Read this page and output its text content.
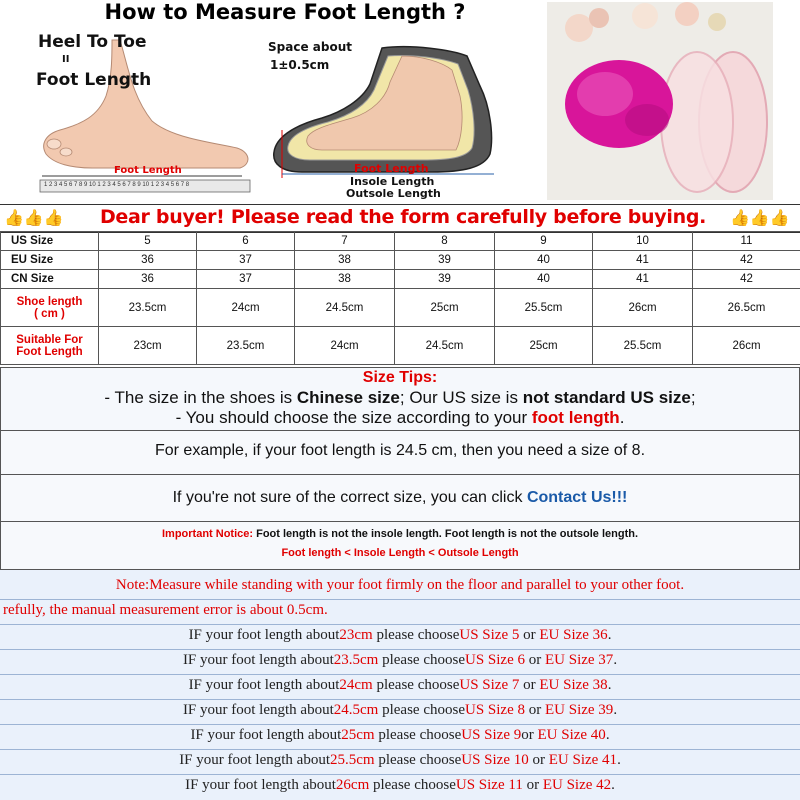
How to Measure Foot Length ?
Heel To Toe
II
Foot Length
Foot Length
1 2 3 4 5 6 7 8 9 10 1 2 3 4 5 6 7 8 9 10 1 2 3 4 5 6 7 8
Space about
1±0.5cm
Foot Length
Insole Length
Outsole Length
👍👍👍	Dear buyer! Please read the form carefully before buying.	👍👍👍
US Size	5	6	7	8	9	10	11
EU Size	36	37	38	39	40	41	42
CN Size	36	37	38	39	40	41	42

Shoe length
( cm )	23.5cm	24cm	24.5cm	25cm	25.5cm	26cm	26.5cm

Suitable For
Foot Length	23cm	23.5cm	24cm	24.5cm	25cm	25.5cm	26cm
Size Tips:
- The size in the shoes is Chinese size; Our US size is not standard US size;
- You should choose the size according to your foot length.
For example, if your foot length is 24.5 cm, then you need a size of 8.
If you're not sure of the correct size, you can click Contact Us!!!
Important Notice: Foot length is not the insole length. Foot length is not the outsole length.
Foot length < Insole Length < Outsole Length
Note:Measure while standing with your foot firmly on the floor and parallel to your other foot.
refully, the manual measurement error is about 0.5cm.
IF your foot length about23cm please chooseUS Size 5 or EU Size 36.
IF your foot length about23.5cm please chooseUS Size 6 or EU Size 37.
IF your foot length about24cm please chooseUS Size 7 or EU Size 38.
IF your foot length about24.5cm please chooseUS Size 8 or EU Size 39.
IF your foot length about25cm please chooseUS Size 9or EU Size 40.
IF your foot length about25.5cm please chooseUS Size 10 or EU Size 41.
IF your foot length about26cm please chooseUS Size 11 or EU Size 42.
